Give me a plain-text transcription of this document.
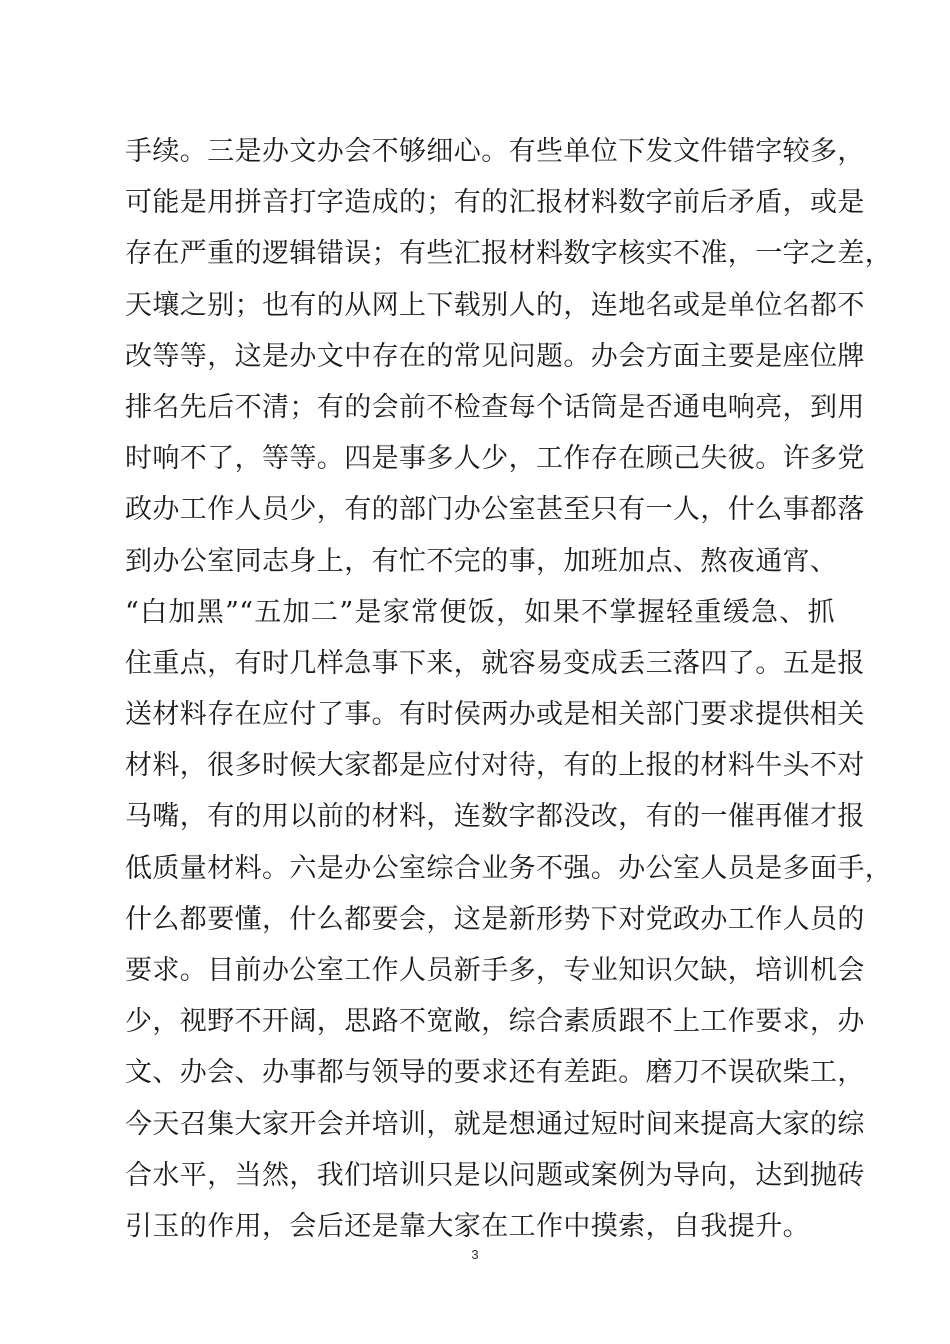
手续。三是办文办会不够细心。有些单位下发文件错字较多，
可能是用拼音打字造成的；有的汇报材料数字前后矛盾，或是
存在严重的逻辑错误；有些汇报材料数字核实不准，一字之差，
天壤之别；也有的从网上下载别人的，连地名或是单位名都不
改等等，这是办文中存在的常见问题。办会方面主要是座位牌
排名先后不清；有的会前不检查每个话筒是否通电响亮，到用
时响不了，等等。四是事多人少，工作存在顾己失彼。许多党
政办工作人员少，有的部门办公室甚至只有一人，什么事都落
到办公室同志身上，有忙不完的事，加班加点、熬夜通宵、
“白加黑”“五加二”是家常便饭，如果不掌握轻重缓急、抓
住重点，有时几样急事下来，就容易变成丢三落四了。五是报
送材料存在应付了事。有时侯两办或是相关部门要求提供相关
材料，很多时候大家都是应付对待，有的上报的材料牛头不对
马嘴，有的用以前的材料，连数字都没改，有的一催再催才报
低质量材料。六是办公室综合业务不强。办公室人员是多面手，
什么都要懂，什么都要会，这是新形势下对党政办工作人员的
要求。目前办公室工作人员新手多，专业知识欠缺，培训机会
少，视野不开阔，思路不宽敞，综合素质跟不上工作要求，办
文、办会、办事都与领导的要求还有差距。磨刀不误砍柴工，
今天召集大家开会并培训，就是想通过短时间来提高大家的综
合水平，当然，我们培训只是以问题或案例为导向，达到抛砖
引玉的作用，会后还是靠大家在工作中摸索，自我提升。
3
